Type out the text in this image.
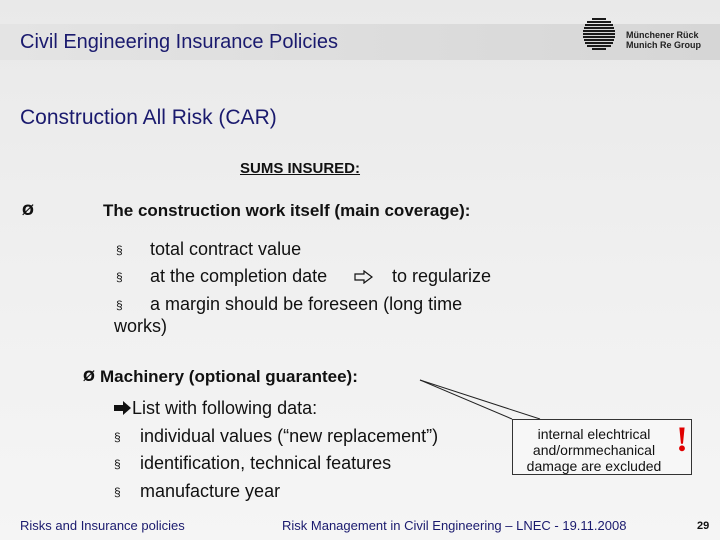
Civil Engineering Insurance Policies	Münchener Rück
Munich Re Group
Construction All Risk (CAR)
SUMS INSURED:
Ø	The construction work itself (main coverage):
§ total contract value
§ at the completion date	to regularize
§ a margin should be foreseen (long time
works)
Ø Machinery (optional guarantee):
List with following data:
§ individual values (“new replacement”)
§ identification, technical features
§ manufacture year
internal elechtrical
and/ormmechanical
damage are excluded
!
Risks and Insurance policies	Risk Management in Civil Engineering – LNEC - 19.11.2008	29
